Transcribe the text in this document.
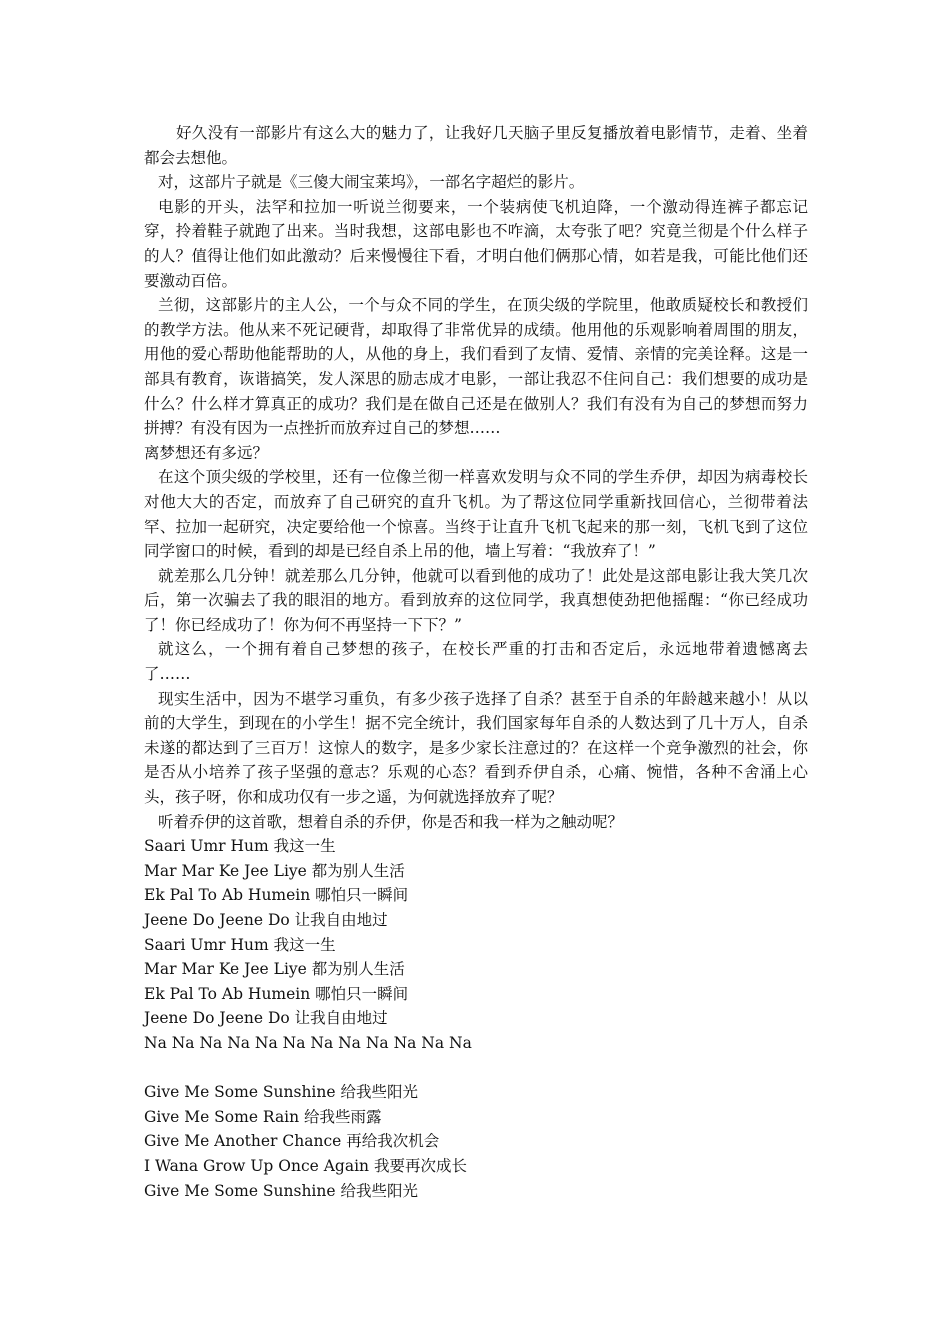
好久没有一部影片有这么大的魅力了，让我好几天脑子里反复播放着电影情节，走着、坐着都会去想他。

对，这部片子就是《三傻大闹宝莱坞》，一部名字超烂的影片。

电影的开头，法罕和拉加一听说兰彻要来，一个装病使飞机迫降，一个激动得连裤子都忘记穿，拎着鞋子就跑了出来。当时我想，这部电影也不咋滴，太夸张了吧？究竟兰彻是个什么样子的人？值得让他们如此激动？后来慢慢往下看，才明白他们俩那心情，如若是我，可能比他们还要激动百倍。

兰彻，这部影片的主人公，一个与众不同的学生，在顶尖级的学院里，他敢质疑校长和教授们的教学方法。他从来不死记硬背，却取得了非常优异的成绩。他用他的乐观影响着周围的朋友，用他的爱心帮助他能帮助的人，从他的身上，我们看到了友情、爱情、亲情的完美诠释。这是一部具有教育，诙谐搞笑，发人深思的励志成才电影，一部让我忍不住问自己：我们想要的成功是什么？什么样才算真正的成功？我们是在做自己还是在做别人？我们有没有为自己的梦想而努力拼搏？有没有因为一点挫折而放弃过自己的梦想……

离梦想还有多远？

在这个顶尖级的学校里，还有一位像兰彻一样喜欢发明与众不同的学生乔伊，却因为病毒校长对他大大的否定，而放弃了自己研究的直升飞机。为了帮这位同学重新找回信心，兰彻带着法罕、拉加一起研究，决定要给他一个惊喜。当终于让直升飞机飞起来的那一刻，飞机飞到了这位同学窗口的时候，看到的却是已经自杀上吊的他，墙上写着：“我放弃了！”

就差那么几分钟！就差那么几分钟，他就可以看到他的成功了！此处是这部电影让我大笑几次后，第一次骗去了我的眼泪的地方。看到放弃的这位同学，我真想使劲把他摇醒：“你已经成功了！你已经成功了！你为何不再坚持一下下？”

就这么，一个拥有着自己梦想的孩子，在校长严重的打击和否定后，永远地带着遗憾离去了……

现实生活中，因为不堪学习重负，有多少孩子选择了自杀？甚至于自杀的年龄越来越小！从以前的大学生，到现在的小学生！据不完全统计，我们国家每年自杀的人数达到了几十万人，自杀未遂的都达到了三百万！这惊人的数字，是多少家长注意过的？在这样一个竞争激烈的社会，你是否从小培养了孩子坚强的意志？乐观的心态？看到乔伊自杀，心痛、惋惜，各种不舍涌上心头，孩子呀，你和成功仅有一步之遥，为何就选择放弃了呢？

听着乔伊的这首歌，想着自杀的乔伊，你是否和我一样为之触动呢？

Saari Umr Hum 我这一生

Mar Mar Ke Jee Liye 都为别人生活

Ek Pal To Ab Humein 哪怕只一瞬间

Jeene Do Jeene Do 让我自由地过

Saari Umr Hum 我这一生

Mar Mar Ke Jee Liye 都为别人生活

Ek Pal To Ab Humein 哪怕只一瞬间

Jeene Do Jeene Do 让我自由地过

Na Na Na Na Na Na Na Na Na Na Na Na

Give Me Some Sunshine 给我些阳光

Give Me Some Rain 给我些雨露

Give Me Another Chance 再给我次机会

I Wana Grow Up Once Again 我要再次成长

Give Me Some Sunshine 给我些阳光
